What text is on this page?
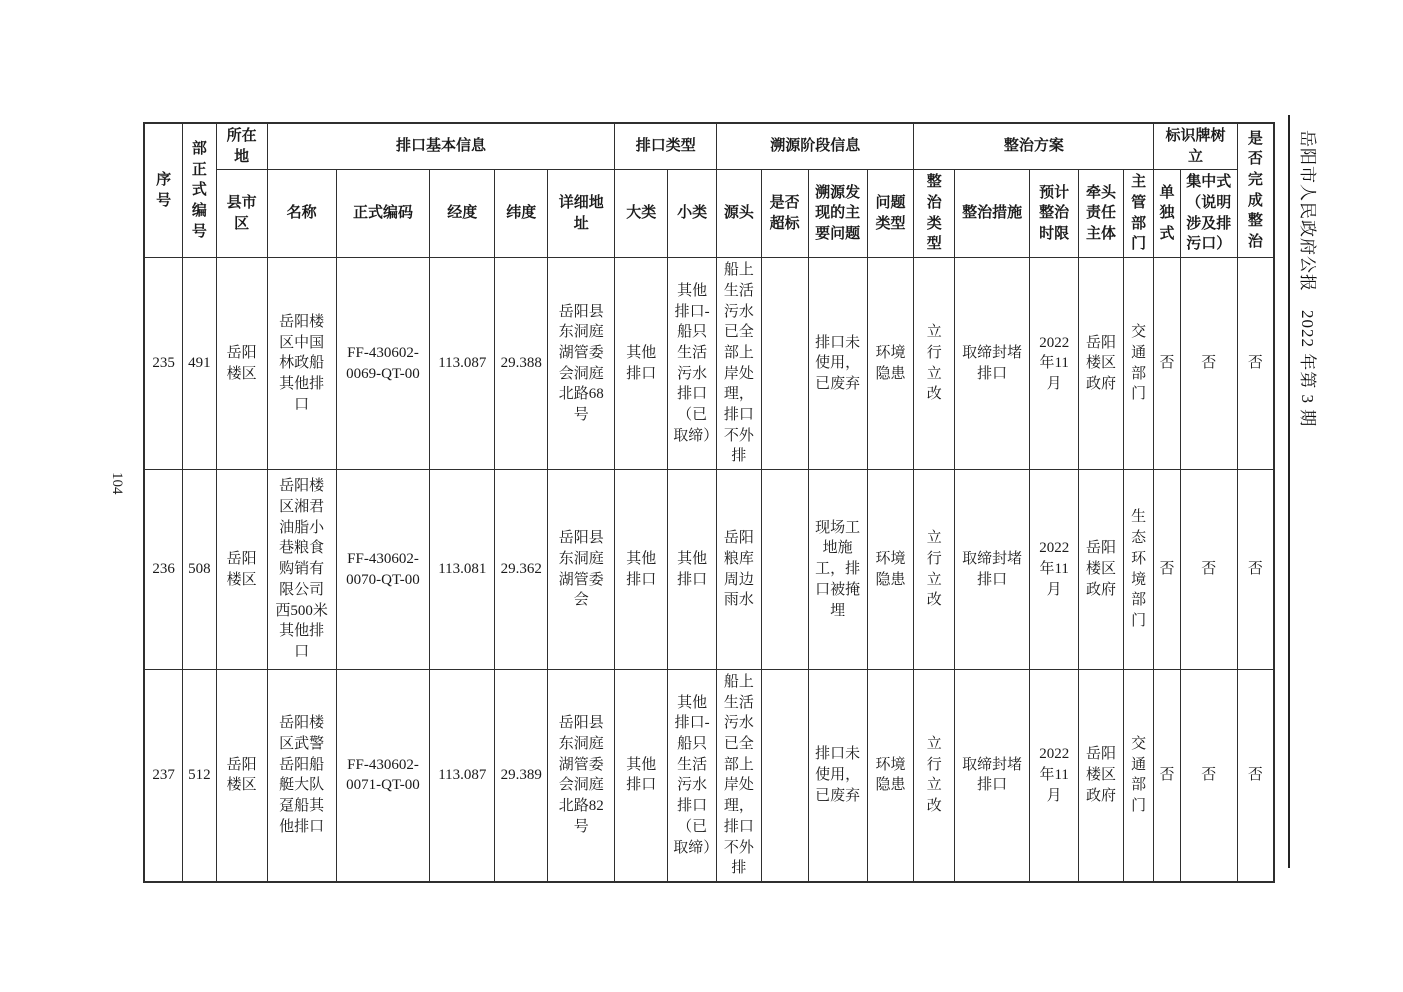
104
序号	部正式编号	所在地	排口基本信息					排口类型		溯源阶段信息				整治方案					标识牌树立		是否完成整治
		县市区	名称	正式编码	经度	纬度	详细地址	大类	小类	源头	是否超标	溯源发现的主要问题	问题类型	整治类型	整治措施	预计整治时限	牵头责任主体	主管部门	单独式	集中式（说明涉及排污口）	
235	491	岳阳楼区	岳阳楼区中国林政船其他排口	FF-430602-0069-QT-00	113.087	29.388	岳阳县东洞庭湖管委会洞庭北路68号	其他排口	其他排口-船只生活污水排口（已取缔）	船上生活污水已全部上岸处理，排口不外排		排口未使用，已废弃	环境隐患	立行立改	取缔封堵排口	2022年11月	岳阳楼区政府	交通部门	否	否	否
236	508	岳阳楼区	岳阳楼区湘君油脂小巷粮食购销有限公司西500米其他排口	FF-430602-0070-QT-00	113.081	29.362	岳阳县东洞庭湖管委会	其他排口	其他排口	岳阳粮库周边雨水		现场工地施工，排口被掩埋	环境隐患	立行立改	取缔封堵排口	2022年11月	岳阳楼区政府	生态环境部门	否	否	否
237	512	岳阳楼区	岳阳楼区武警岳阳船艇大队趸船其他排口	FF-430602-0071-QT-00	113.087	29.389	岳阳县东洞庭湖管委会洞庭北路82号	其他排口	其他排口-船只生活污水排口（已取缔）	船上生活污水已全部上岸处理，排口不外排		排口未使用，已废弃	环境隐患	立行立改	取缔封堵排口	2022年11月	岳阳楼区政府	交通部门	否	否	否
岳阳市人民政府公报　2022 年第 3 期
